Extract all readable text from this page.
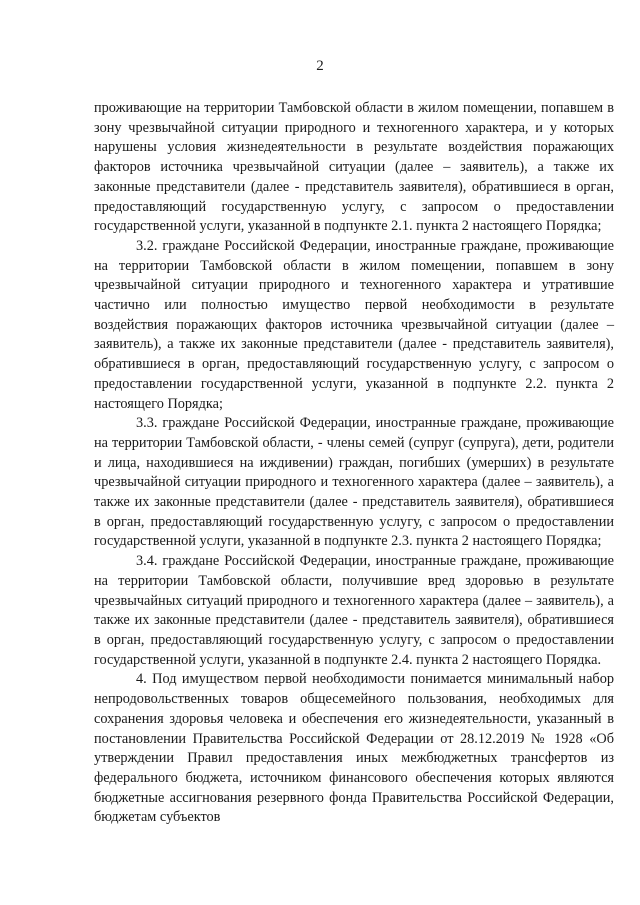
2

проживающие на территории Тамбовской области в жилом помещении, попавшем в зону чрезвычайной ситуации природного и техногенного характера, и у которых нарушены условия жизнедеятельности в результате воздействия поражающих факторов источника чрезвычайной ситуации (далее – заявитель), а также их законные представители (далее - представитель заявителя), обратившиеся в орган, предоставляющий государственную услугу, с запросом о предоставлении государственной услуги, указанной в подпункте 2.1. пункта 2 настоящего Порядка;

3.2. граждане Российской Федерации, иностранные граждане, проживающие на территории Тамбовской области в жилом помещении, попавшем в зону чрезвычайной ситуации природного и техногенного характера и утратившие частично или полностью имущество первой необходимости в результате воздействия поражающих факторов источника чрезвычайной ситуации (далее – заявитель), а также их законные представители (далее - представитель заявителя), обратившиеся в орган, предоставляющий государственную услугу, с запросом о предоставлении государственной услуги, указанной в подпункте 2.2. пункта 2 настоящего Порядка;

3.3. граждане Российской Федерации, иностранные граждане, проживающие на территории Тамбовской области, - члены семей (супруг (супруга), дети, родители и лица, находившиеся на иждивении) граждан, погибших (умерших) в результате чрезвычайной ситуации природного и техногенного характера (далее – заявитель), а также их законные представители (далее - представитель заявителя), обратившиеся в орган, предоставляющий государственную услугу, с запросом о предоставлении государственной услуги, указанной в подпункте 2.3. пункта 2 настоящего Порядка;

3.4. граждане Российской Федерации, иностранные граждане, проживающие на территории Тамбовской области, получившие вред здоровью в результате чрезвычайных ситуаций природного и техногенного характера (далее – заявитель), а также их законные представители (далее - представитель заявителя), обратившиеся в орган, предоставляющий государственную услугу, с запросом о предоставлении государственной услуги, указанной в подпункте 2.4. пункта 2 настоящего Порядка.

4. Под имуществом первой необходимости понимается минимальный набор непродовольственных товаров общесемейного пользования, необходимых для сохранения здоровья человека и обеспечения его жизнедеятельности, указанный в постановлении Правительства Российской Федерации от 28.12.2019 № 1928 «Об утверждении Правил предоставления иных межбюджетных трансфертов из федерального бюджета, источником финансового обеспечения которых являются бюджетные ассигнования резервного фонда Правительства Российской Федерации, бюджетам субъектов
